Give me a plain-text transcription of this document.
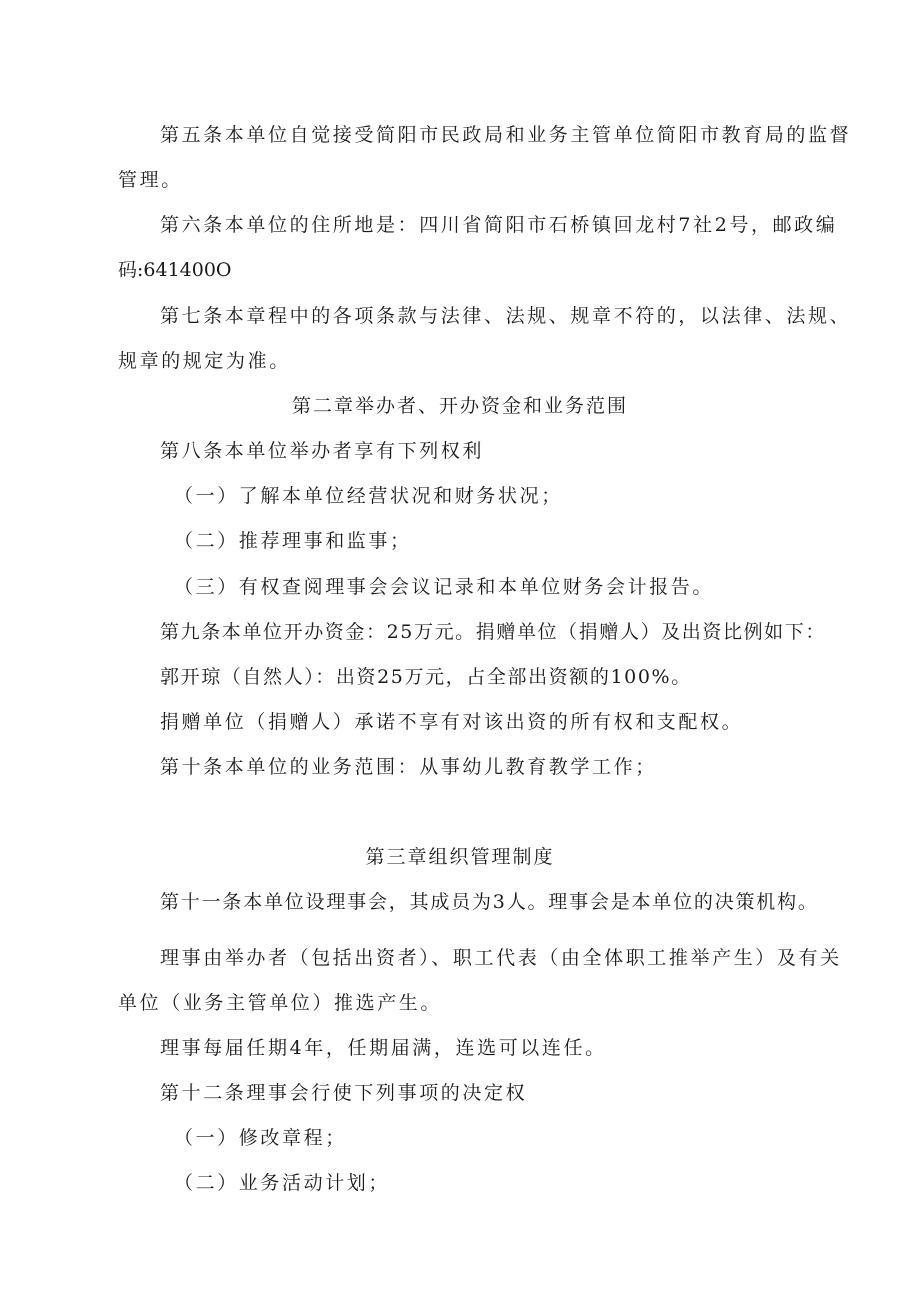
第五条本单位自觉接受简阳市民政局和业务主管单位简阳市教育局的监督

管理。

第六条本单位的住所地是：四川省简阳市石桥镇回龙村7社2号，邮政编

码:641400O

第七条本章程中的各项条款与法律、法规、规章不符的，以法律、法规、

规章的规定为准。

第二章举办者、开办资金和业务范围

第八条本单位举办者享有下列权利

（一）了解本单位经营状况和财务状况；

（二）推荐理事和监事；

（三）有权查阅理事会会议记录和本单位财务会计报告。

第九条本单位开办资金：25万元。捐赠单位（捐赠人）及出资比例如下：

郭开琼（自然人）：出资25万元，占全部出资额的100%。

捐赠单位（捐赠人）承诺不享有对该出资的所有权和支配权。

第十条本单位的业务范围：从事幼儿教育教学工作；

第三章组织管理制度

第十一条本单位设理事会，其成员为3人。理事会是本单位的决策机构。

理事由举办者（包括出资者）、职工代表（由全体职工推举产生）及有关

单位（业务主管单位）推选产生。

理事每届任期4年，任期届满，连选可以连任。

第十二条理事会行使下列事项的决定权

（一）修改章程；

（二）业务活动计划；
